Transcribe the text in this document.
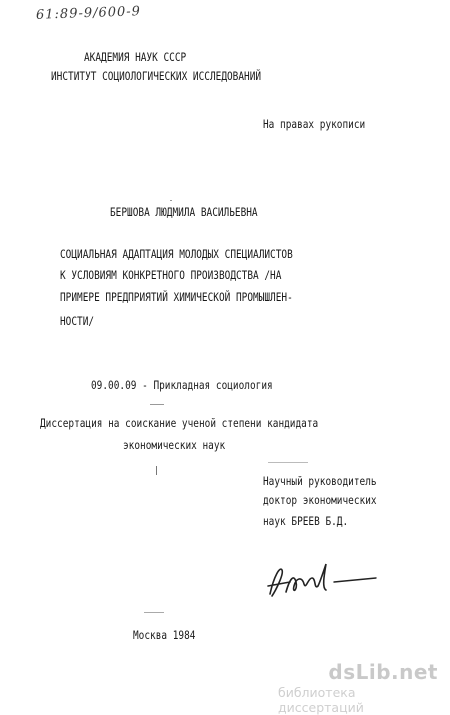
61:89-9/600-9
АКАДЕМИЯ НАУК СССР
ИНСТИТУТ СОЦИОЛОГИЧЕСКИХ ИССЛЕДОВАНИЙ
На правах рукописи
БЕРШОВА ЛЮДМИЛА ВАСИЛЬЕВНА
СОЦИАЛЬНАЯ АДАПТАЦИЯ МОЛОДЫХ СПЕЦИАЛИСТОВ
К УСЛОВИЯМ КОНКРЕТНОГО ПРОИЗВОДСТВА /НА
ПРИМЕРЕ ПРЕДПРИЯТИЙ ХИМИЧЕСКОЙ ПРОМЫШЛЕН-
НОСТИ/
09.00.09 - Прикладная социология
Диссертация на соискание ученой степени кандидата
экономических наук
Научный руководитель
доктор экономических
наук БРЕЕВ Б.Д.
Москва 1984
dsLib.net
библиотека диссертаций
